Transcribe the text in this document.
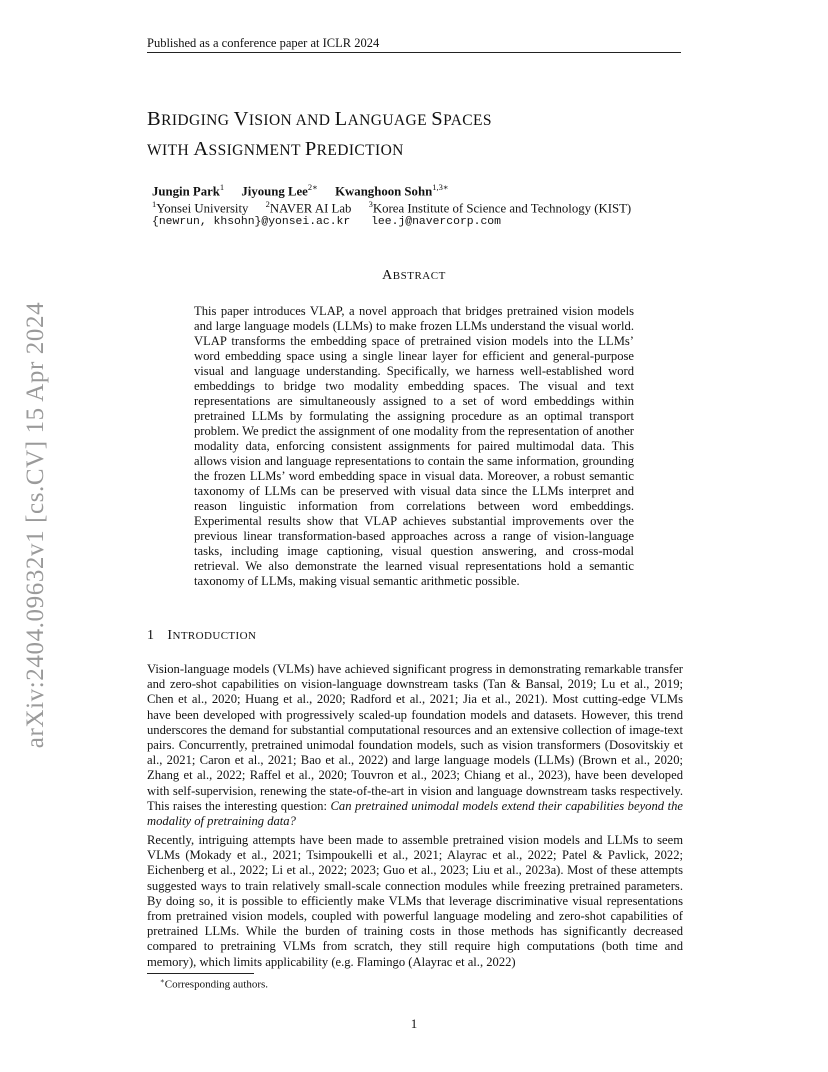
Published as a conference paper at ICLR 2024
arXiv:2404.09632v1 [cs.CV] 15 Apr 2024
BRIDGING VISION AND LANGUAGE SPACES
WITH ASSIGNMENT PREDICTION
Jungin Park$^1$ Jiyoung Lee$^{2∗}$ Kwanghoon Sohn$^{1,3∗}$
$^1$Yonsei University $^2$NAVER AI Lab $^3$Korea Institute of Science and Technology (KIST)
{newrun, khsohn}@yonsei.ac.kr lee.j@navercorp.com
ABSTRACT
This paper introduces VLAP, a novel approach that bridges pretrained vision models and large language models (LLMs) to make frozen LLMs understand the visual world. VLAP transforms the embedding space of pretrained vision models into the LLMs’ word embedding space using a single linear layer for efficient and general-purpose visual and language understanding. Specifically, we harness well-established word embeddings to bridge two modality embedding spaces. The visual and text representations are simultaneously assigned to a set of word embeddings within pretrained LLMs by formulating the assigning procedure as an optimal transport problem. We predict the assignment of one modality from the representation of another modality data, enforcing consistent assignments for paired multimodal data. This allows vision and language representations to contain the same information, grounding the frozen LLMs’ word embedding space in visual data. Moreover, a robust semantic taxonomy of LLMs can be preserved with visual data since the LLMs interpret and reason linguistic information from correlations between word embeddings. Experimental results show that VLAP achieves substantial improvements over the previous linear transformation-based approaches across a range of vision-language tasks, including image captioning, visual question answering, and cross-modal retrieval. We also demonstrate the learned visual representations hold a semantic taxonomy of LLMs, making visual semantic arithmetic possible.
1 INTRODUCTION
Vision-language models (VLMs) have achieved significant progress in demonstrating remarkable transfer and zero-shot capabilities on vision-language downstream tasks (Tan & Bansal, 2019; Lu et al., 2019; Chen et al., 2020; Huang et al., 2020; Radford et al., 2021; Jia et al., 2021). Most cutting-edge VLMs have been developed with progressively scaled-up foundation models and datasets. However, this trend underscores the demand for substantial computational resources and an extensive collection of image-text pairs. Concurrently, pretrained unimodal foundation models, such as vision transformers (Dosovitskiy et al., 2021; Caron et al., 2021; Bao et al., 2022) and large language models (LLMs) (Brown et al., 2020; Zhang et al., 2022; Raffel et al., 2020; Touvron et al., 2023; Chiang et al., 2023), have been developed with self-supervision, renewing the state-of-the-art in vision and language downstream tasks respectively. This raises the interesting question: Can pretrained unimodal models extend their capabilities beyond the modality of pretraining data?
Recently, intriguing attempts have been made to assemble pretrained vision models and LLMs to seem VLMs (Mokady et al., 2021; Tsimpoukelli et al., 2021; Alayrac et al., 2022; Patel & Pavlick, 2022; Eichenberg et al., 2022; Li et al., 2022; 2023; Guo et al., 2023; Liu et al., 2023a). Most of these attempts suggested ways to train relatively small-scale connection modules while freezing pretrained parameters. By doing so, it is possible to efficiently make VLMs that leverage discriminative visual representations from pretrained vision models, coupled with powerful language modeling and zero-shot capabilities of pretrained LLMs. While the burden of training costs in those methods has significantly decreased compared to pretraining VLMs from scratch, they still require high computations (both time and memory), which limits applicability (e.g. Flamingo (Alayrac et al., 2022)
∗Corresponding authors.
1
